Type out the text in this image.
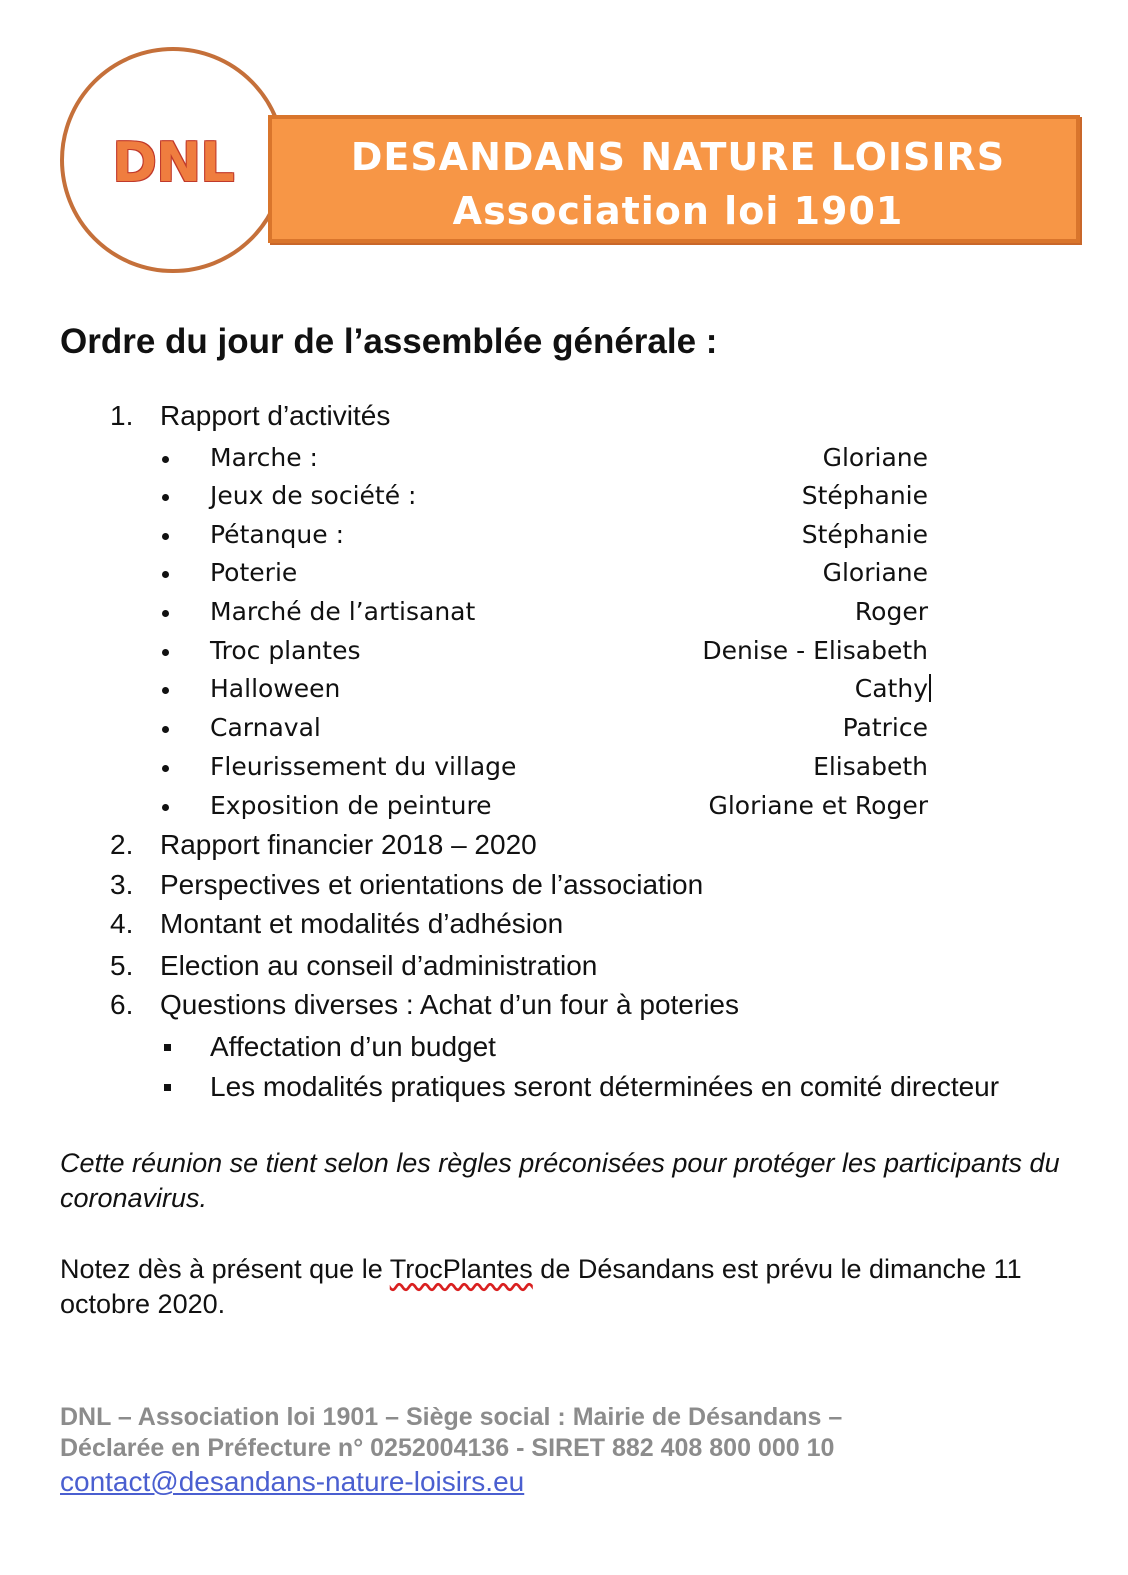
DNL	DESANDANS NATURE LOISIRS
Association loi 1901
Ordre du jour de l’assemblée générale :
1. Rapport d’activités
Marche :	Gloriane
Jeux de société :	Stéphanie
Pétanque :	Stéphanie
Poterie	Gloriane
Marché de l’artisanat	Roger
Troc plantes	Denise - Elisabeth
Halloween	Cathy
Carnaval	Patrice
Fleurissement du village	Elisabeth
Exposition de peinture	Gloriane et Roger
2. Rapport financier 2018 – 2020
3. Perspectives et orientations de l’association
4. Montant et modalités d’adhésion
5. Election au conseil d’administration
6. Questions diverses : Achat d’un four à poteries
Affectation d’un budget
Les modalités pratiques seront déterminées en comité directeur
Cette réunion se tient selon les règles préconisées pour protéger les participants du coronavirus.
Notez dès à présent que le TrocPlantes de Désandans est prévu le dimanche 11 octobre 2020.
DNL – Association loi 1901 – Siège social : Mairie de Désandans –
Déclarée en Préfecture n° 0252004136 - SIRET 882 408 800 000 10
contact@desandans-nature-loisirs.eu
